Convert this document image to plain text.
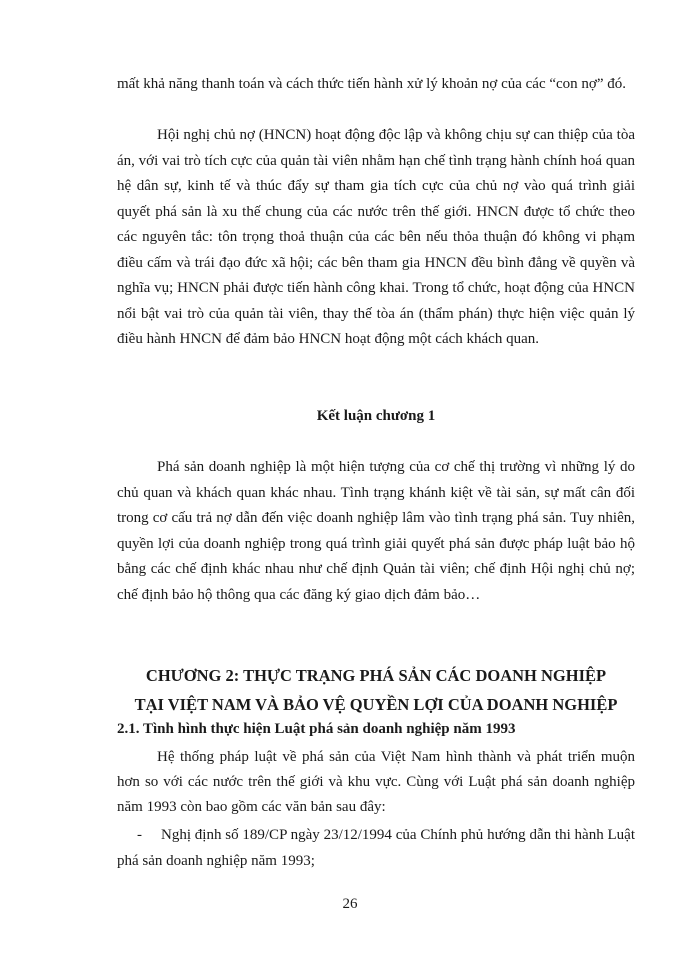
mất khả năng thanh toán và cách thức tiến hành xử lý khoản nợ của các “con nợ” đó.

Hội nghị chủ nợ (HNCN) hoạt động độc lập và không chịu sự can thiệp của tòa án, với vai trò tích cực của quản tài viên nhằm hạn chế tình trạng hành chính hoá quan hệ dân sự, kinh tế và thúc đẩy sự tham gia tích cực của chủ nợ vào quá trình giải quyết phá sản là xu thế chung của các nước trên thế giới. HNCN được tổ chức theo các nguyên tắc: tôn trọng thoả thuận của các bên nếu thỏa thuận đó không vi phạm điều cấm và trái đạo đức xã hội; các bên tham gia HNCN đều bình đẳng về quyền và nghĩa vụ; HNCN phải được tiến hành công khai. Trong tổ chức, hoạt động của HNCN nổi bật vai trò của quản tài viên, thay thế tòa án (thẩm phán) thực hiện việc quản lý điều hành HNCN để đảm bảo HNCN hoạt động một cách khách quan.

Kết luận chương 1

Phá sản doanh nghiệp là một hiện tượng của cơ chế thị trường vì những lý do chủ quan và khách quan khác nhau. Tình trạng khánh kiệt về tài sản, sự mất cân đối trong cơ cấu trả nợ dẫn đến việc doanh nghiệp lâm vào tình trạng phá sản. Tuy nhiên, quyền lợi của doanh nghiệp trong quá trình giải quyết phá sản được pháp luật bảo hộ bằng các chế định khác nhau như chế định Quản tài viên; chế định Hội nghị chủ nợ; chế định bảo hộ thông qua các đăng ký giao dịch đảm bảo…

CHƯƠNG 2: THỰC TRẠNG PHÁ SẢN CÁC DOANH NGHIỆP
TẠI VIỆT NAM VÀ BẢO VỆ QUYỀN LỢI CỦA DOANH NGHIỆP
2.1. Tình hình thực hiện Luật phá sản doanh nghiệp năm 1993

Hệ thống pháp luật về phá sản của Việt Nam hình thành và phát triển muộn hơn so với các nước trên thế giới và khu vực. Cùng với Luật phá sản doanh nghiệp năm 1993 còn bao gồm các văn bản sau đây:

- Nghị định số 189/CP ngày 23/12/1994 của Chính phủ hướng dẫn thi hành Luật phá sản doanh nghiệp năm 1993;
26
